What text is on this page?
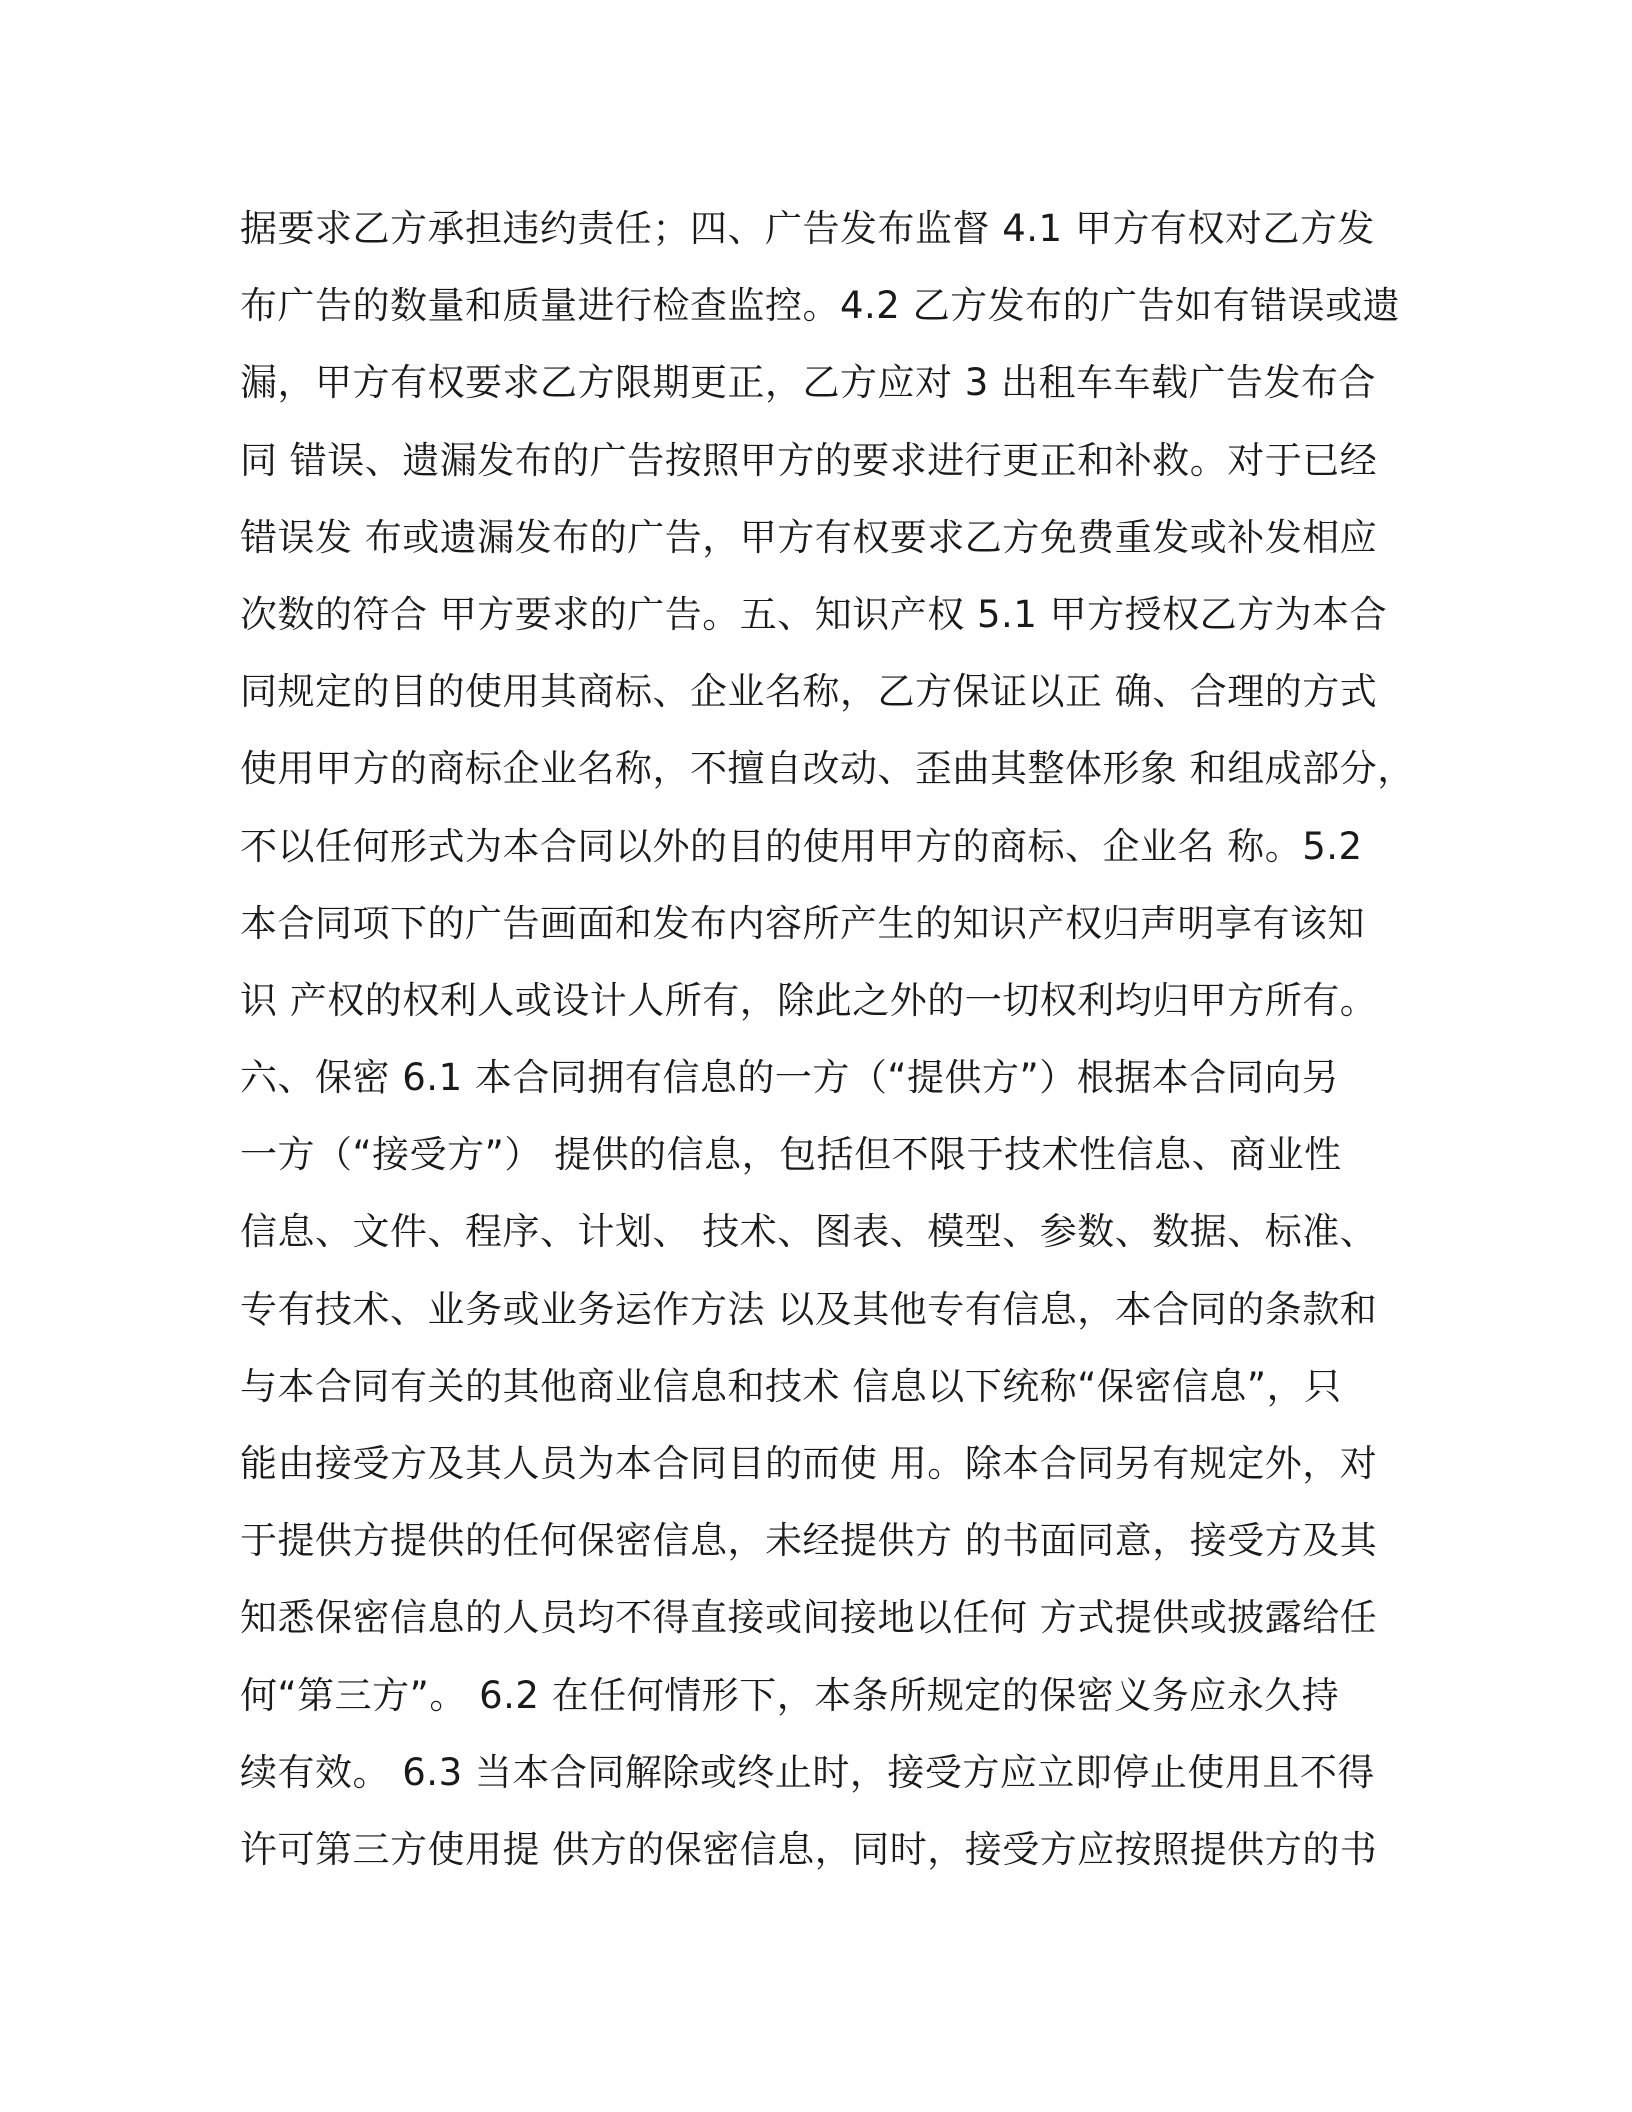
据要求乙方承担违约责任；四、广告发布监督 4.1 甲方有权对乙方发
布广告的数量和质量进行检查监控。4.2 乙方发布的广告如有错误或遗
漏，甲方有权要求乙方限期更正，乙方应对 3 出租车车载广告发布合
同 错误、遗漏发布的广告按照甲方的要求进行更正和补救。对于已经
错误发 布或遗漏发布的广告，甲方有权要求乙方免费重发或补发相应
次数的符合 甲方要求的广告。五、知识产权 5.1 甲方授权乙方为本合
同规定的目的使用其商标、企业名称，乙方保证以正 确、合理的方式
使用甲方的商标企业名称，不擅自改动、歪曲其整体形象 和组成部分，
不以任何形式为本合同以外的目的使用甲方的商标、企业名 称。5.2
本合同项下的广告画面和发布内容所产生的知识产权归声明享有该知
识 产权的权利人或设计人所有，除此之外的一切权利均归甲方所有。
六、保密 6.1 本合同拥有信息的一方（“提供方”）根据本合同向另
一方（“接受方”） 提供的信息，包括但不限于技术性信息、商业性
信息、文件、程序、计划、 技术、图表、模型、参数、数据、标准、
专有技术、业务或业务运作方法 以及其他专有信息，本合同的条款和
与本合同有关的其他商业信息和技术 信息以下统称“保密信息”，只
能由接受方及其人员为本合同目的而使 用。除本合同另有规定外，对
于提供方提供的任何保密信息，未经提供方 的书面同意，接受方及其
知悉保密信息的人员均不得直接或间接地以任何 方式提供或披露给任
何“第三方”。 6.2 在任何情形下，本条所规定的保密义务应永久持
续有效。 6.3 当本合同解除或终止时，接受方应立即停止使用且不得
许可第三方使用提 供方的保密信息，同时，接受方应按照提供方的书
